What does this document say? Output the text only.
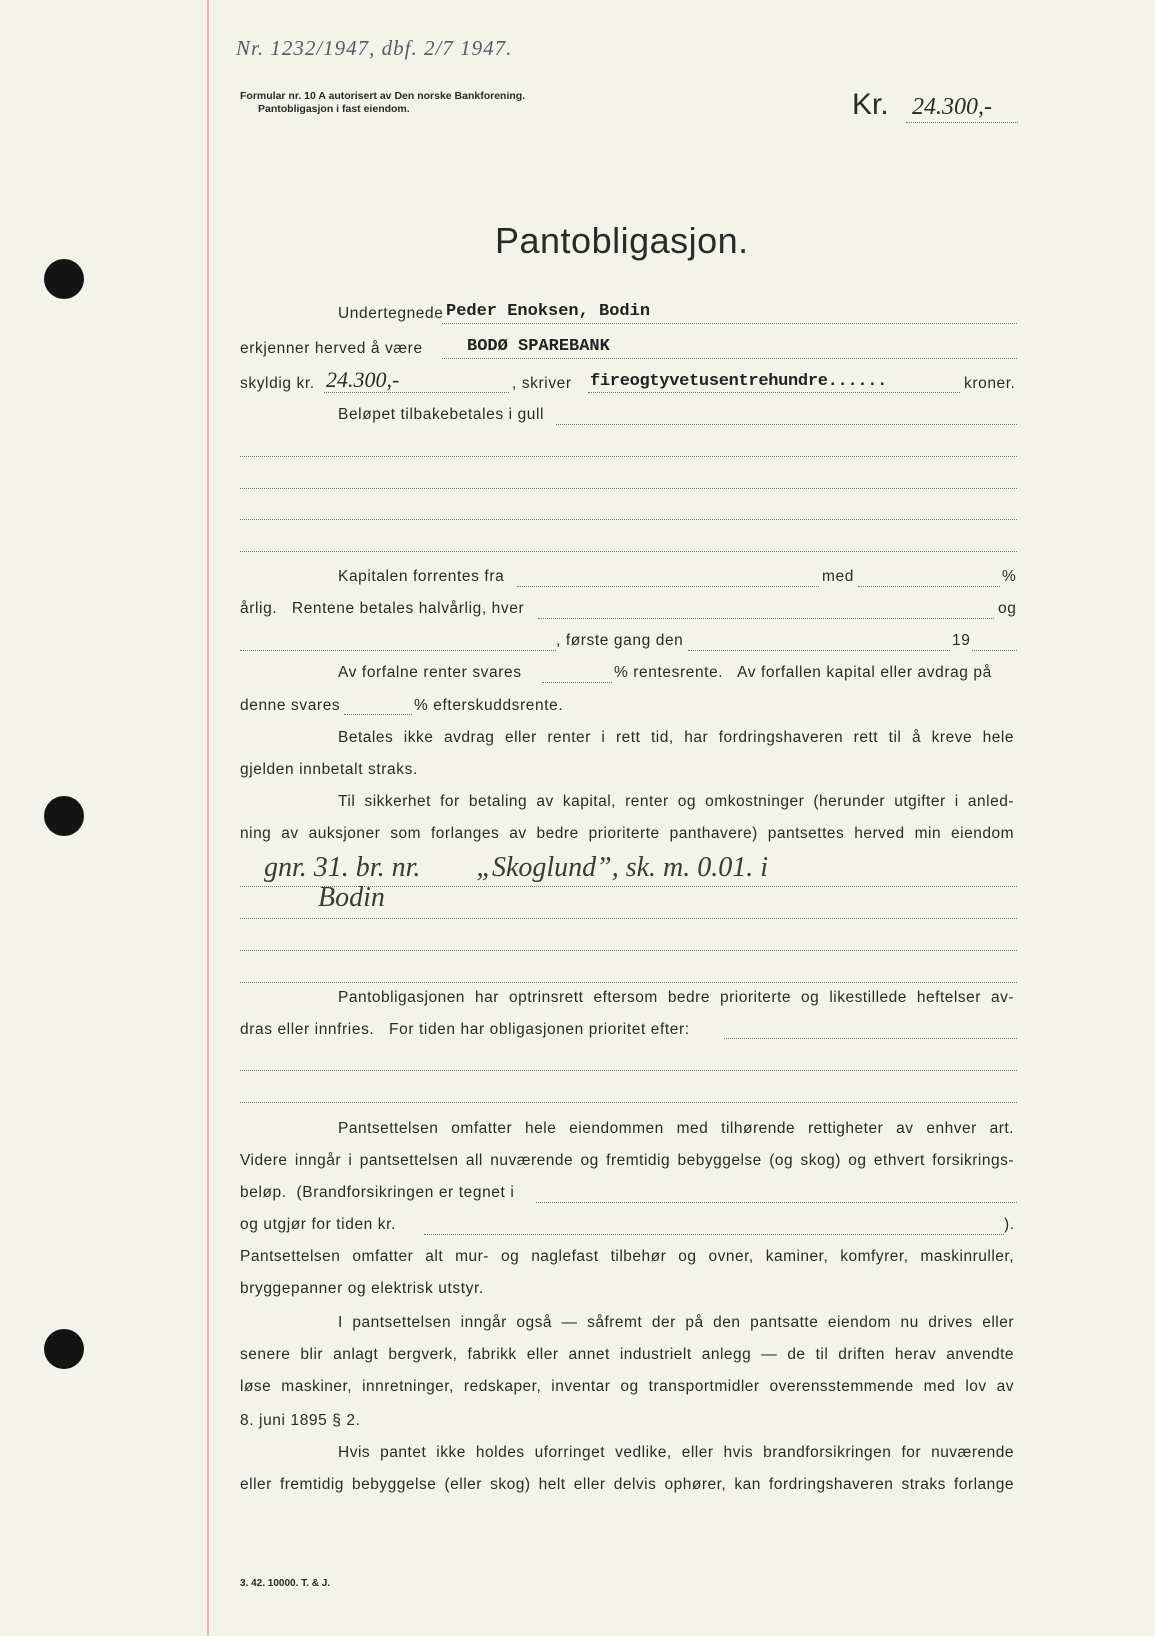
Nr. 1232/1947, dbf. 2/7 1947.
Formular nr. 10 A autorisert av Den norske Bankforening.
Pantobligasjon i fast eiendom.	Kr. 24.300,-
Pantobligasjon.
Undertegnede Peder Enoksen, Bodin
erkjenner herved å være	BODØ SPAREBANK
skyldig kr. 24.300,-	, skriver fireogtyvetusentrehundre......	kroner.
Beløpet tilbakebetales i gull
Kapitalen forrentes fra	med	%
årlig.   Rentene betales halvårlig, hver	og
, første gang den	19
Av forfalne renter svares	% rentesrente.   Av forfallen kapital eller avdrag på
denne svares	% efterskuddsrente.
Betales ikke avdrag eller renter i rett tid, har fordringshaveren rett til å kreve hele
gjelden innbetalt straks.
Til sikkerhet for betaling av kapital, renter og omkostninger (herunder utgifter i anled-
ning av auksjoner som forlanges av bedre prioriterte panthavere) pantsettes herved min eiendom
gnr. 31. br. nr.        „Skoglund”, sk. m. 0.01. i
Bodin
Pantobligasjonen har optrinsrett eftersom bedre prioriterte og likestillede heftelser av-
dras eller innfries.   For tiden har obligasjonen prioritet efter:
Pantsettelsen omfatter hele eiendommen med tilhørende rettigheter av enhver art.
Videre inngår i pantsettelsen all nuværende og fremtidig bebyggelse (og skog) og ethvert forsikrings-
beløp.  (Brandforsikringen er tegnet i
og utgjør for tiden kr.	).
Pantsettelsen omfatter alt mur- og naglefast tilbehør og ovner, kaminer, komfyrer, maskinruller,
bryggepanner og elektrisk utstyr.
I pantsettelsen inngår også — såfremt der på den pantsatte eiendom nu drives eller
senere blir anlagt bergverk, fabrikk eller annet industrielt anlegg — de til driften herav anvendte
løse maskiner, innretninger, redskaper, inventar og transportmidler overensstemmende med lov av
8. juni 1895 § 2.
Hvis pantet ikke holdes uforringet vedlike, eller hvis brandforsikringen for nuværende
eller fremtidig bebyggelse (eller skog) helt eller delvis ophører, kan fordringshaveren straks forlange
3. 42. 10000. T. & J.
